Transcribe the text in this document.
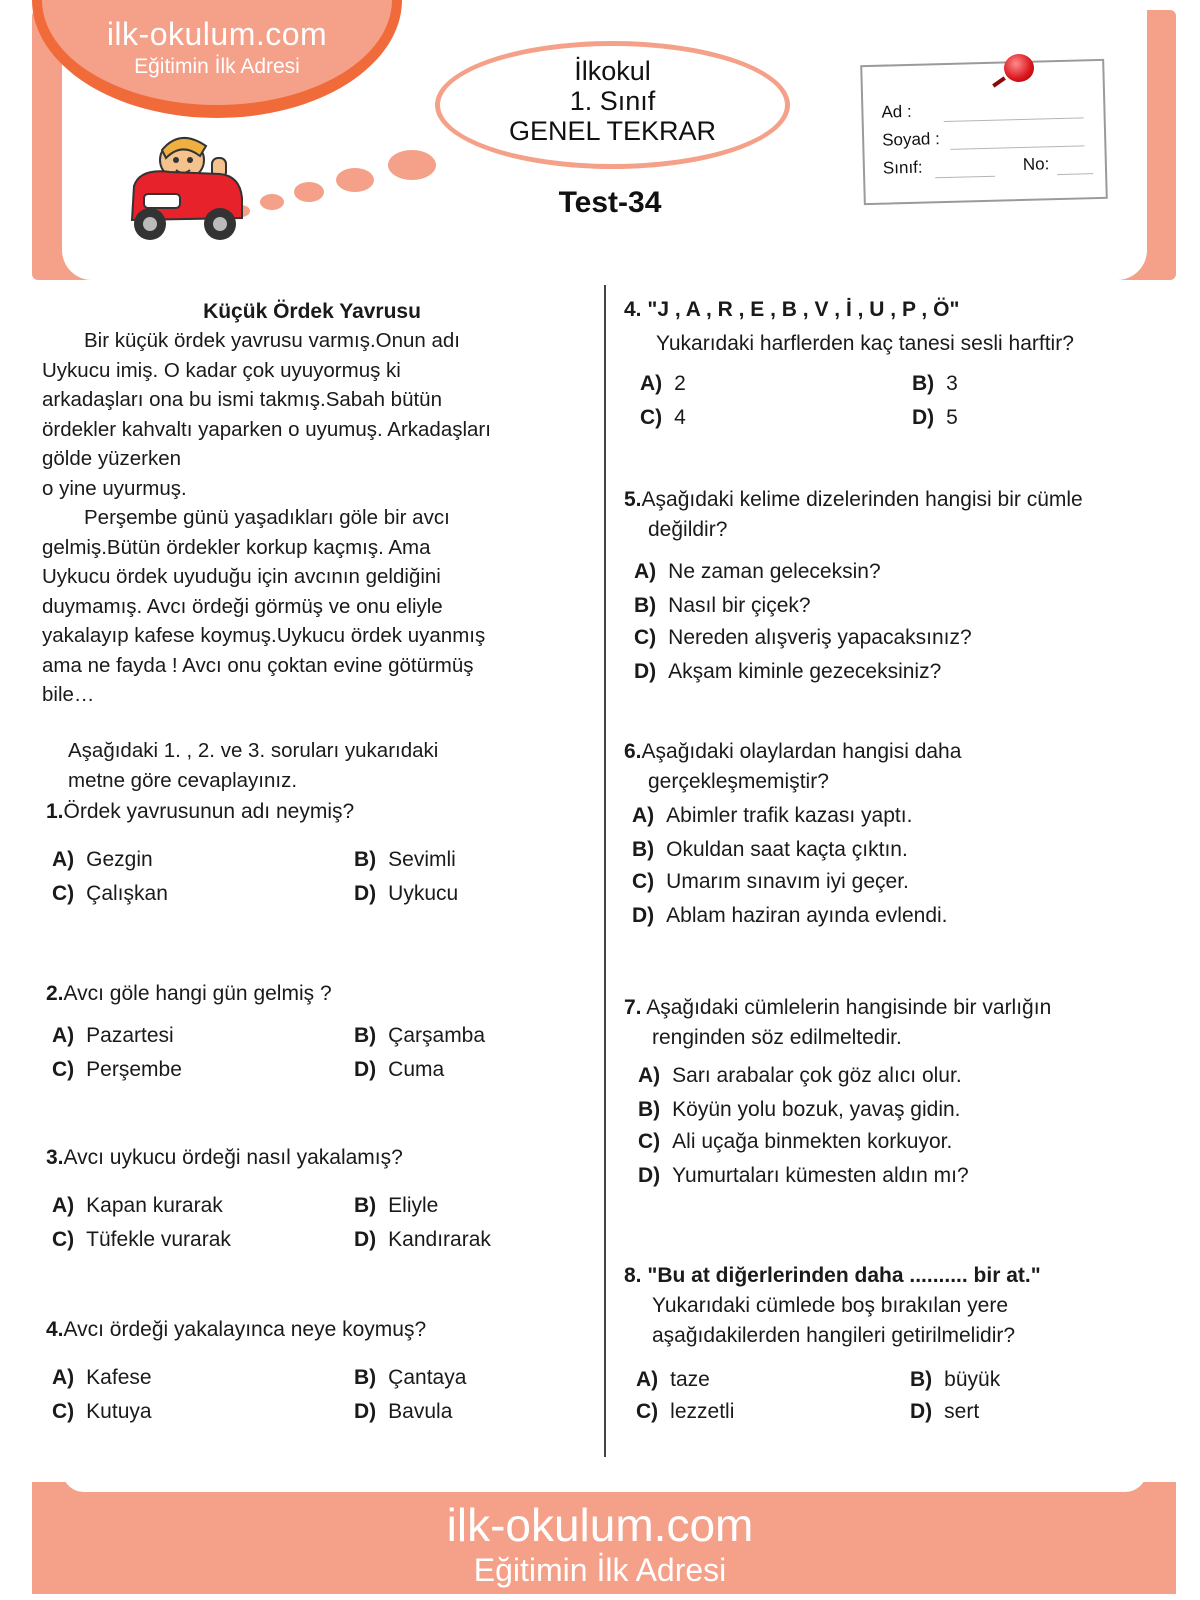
ilk-okulum.com
Eğitimin İlk Adresi	İlkokul
1. Sınıf
GENEL TEKRAR
Test-34
Ad :
Soyad :
Sınıf:	No:
Küçük Ördek Yavrusu
Bir küçük ördek yavrusu varmış.Onun adı
Uykucu imiş. O kadar çok uyuyormuş ki
arkadaşları ona bu ismi takmış.Sabah bütün
ördekler kahvaltı yaparken o uyumuş. Arkadaşları
gölde yüzerken
o yine uyurmuş.
Perşembe günü yaşadıkları göle bir avcı
gelmiş.Bütün ördekler korkup kaçmış. Ama
Uykucu ördek uyuduğu için avcının geldiğini
duymamış. Avcı ördeği görmüş ve onu eliyle
yakalayıp kafese koymuş.Uykucu ördek uyanmış
ama ne fayda ! Avcı onu çoktan evine götürmüş
bile…
Aşağıdaki 1. , 2. ve 3. soruları yukarıdaki
metne göre cevaplayınız.
1.Ördek yavrusunun adı neymiş?
A) Gezgin	B) Sevimli
C) Çalışkan	D) Uykucu
2.Avcı göle hangi gün gelmiş ?
A) Pazartesi	B) Çarşamba
C) Perşembe	D) Cuma
3.Avcı uykucu ördeği nasıl yakalamış?
A) Kapan kurarak	B) Eliyle
C) Tüfekle vurarak	D) Kandırarak
4.Avcı ördeği yakalayınca neye koymuş?
A) Kafese	B) Çantaya
C) Kutuya	D) Bavula
4. "J , A , R , E , B , V , İ , U , P , Ö"
Yukarıdaki harflerden kaç tanesi sesli harftir?
A) 2	B) 3
C) 4	D) 5
5.Aşağıdaki kelime dizelerinden hangisi bir cümle
değildir?
A) Ne zaman geleceksin?
B) Nasıl bir çiçek?
C) Nereden alışveriş yapacaksınız?
D) Akşam kiminle gezeceksiniz?
6.Aşağıdaki olaylardan hangisi daha
gerçekleşmemiştir?
A) Abimler trafik kazası yaptı.
B) Okuldan saat kaçta çıktın.
C) Umarım sınavım iyi geçer.
D) Ablam haziran ayında evlendi.
7. Aşağıdaki cümlelerin hangisinde bir varlığın
renginden söz edilmeltedir.
A) Sarı arabalar çok göz alıcı olur.
B) Köyün yolu bozuk, yavaş gidin.
C) Ali uçağa binmekten korkuyor.
D) Yumurtaları kümesten aldın mı?
8. "Bu at diğerlerinden daha .......... bir at."
Yukarıdaki cümlede boş bırakılan yere
aşağıdakilerden hangileri getirilmelidir?
A) taze	B) büyük
C) lezzetli	D) sert
ilk-okulum.com
Eğitimin İlk Adresi
